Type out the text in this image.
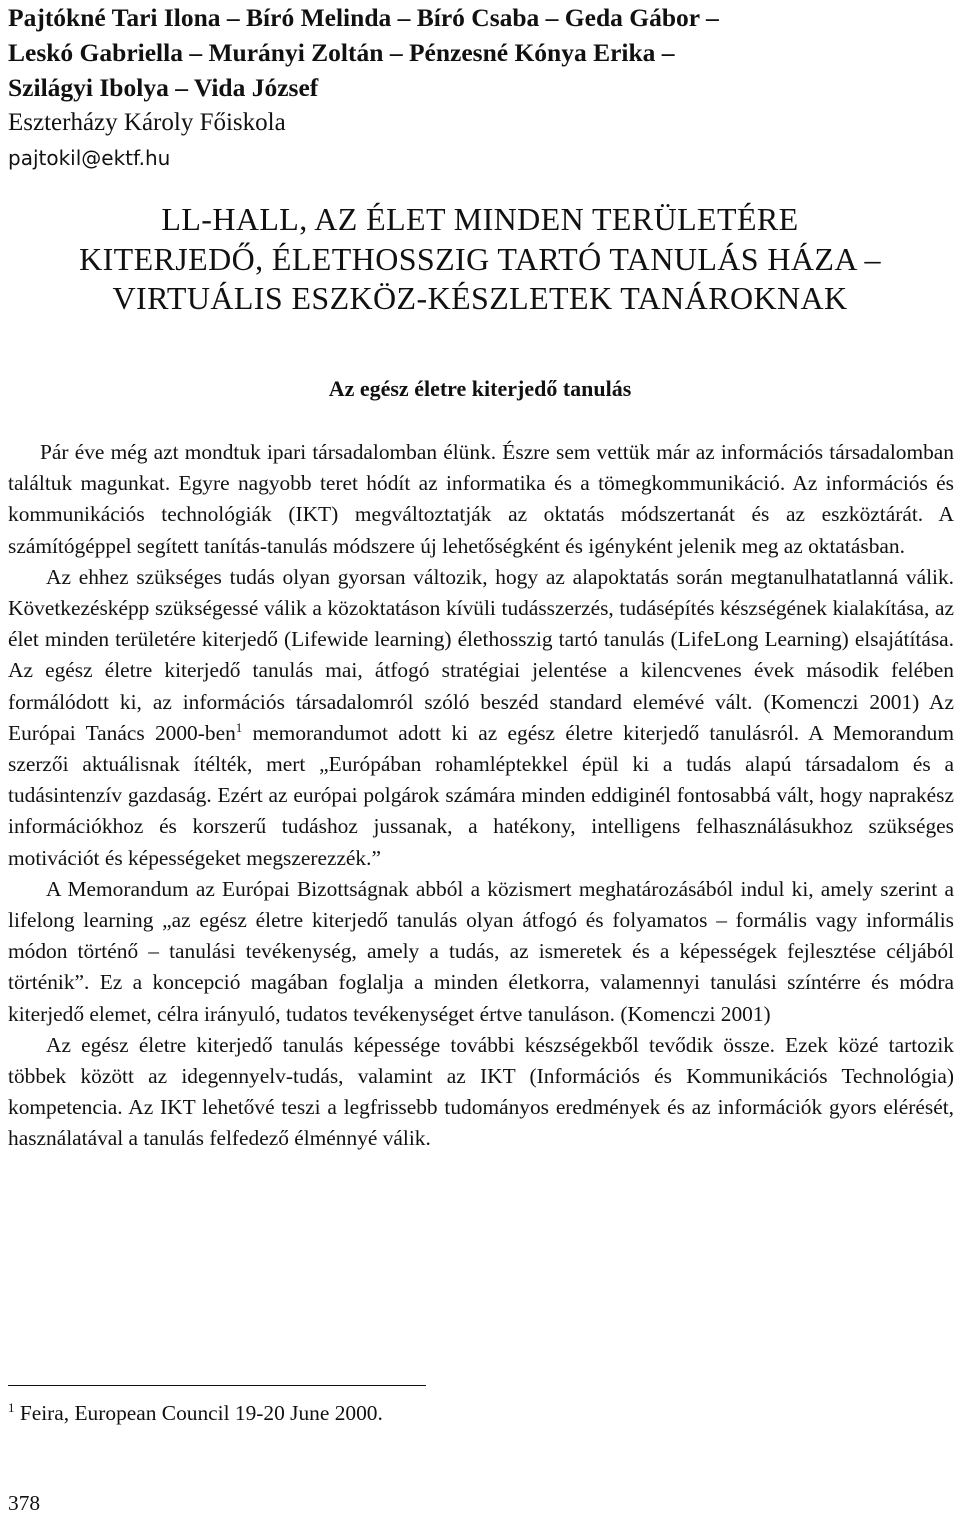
Pajtókné Tari Ilona – Bíró Melinda – Bíró Csaba – Geda Gábor –
Leskó Gabriella – Murányi Zoltán – Pénzesné Kónya Erika –
Szilágyi Ibolya – Vida József

Eszterházy Károly Főiskola

pajtokil@ektf.hu

LL-HALL, AZ ÉLET MINDEN TERÜLETÉRE
KITERJEDŐ, ÉLETHOSSZIG TARTÓ TANULÁS HÁZA –
VIRTUÁLIS ESZKÖZ-KÉSZLETEK TANÁROKNAK
Az egész életre kiterjedő tanulás

Pár éve még azt mondtuk ipari társadalomban élünk. Észre sem vettük már az információs társadalomban találtuk magunkat. Egyre nagyobb teret hódít az informatika és a tömegkommunikáció. Az információs és kommunikációs technológiák (IKT) megváltoztatják az oktatás módszertanát és az eszköztárát. A számítógéppel segített tanítás-tanulás módszere új lehetőségként és igényként jelenik meg az oktatásban.

Az ehhez szükséges tudás olyan gyorsan változik, hogy az alapoktatás során megtanulhatatlanná válik. Következésképp szükségessé válik a közoktatáson kívüli tudásszerzés, tudásépítés készségének kialakítása, az élet minden területére kiterjedő (Lifewide learning) élethosszig tartó tanulás (LifeLong Learning) elsajátítása. Az egész életre kiterjedő tanulás mai, átfogó stratégiai jelentése a kilencvenes évek második felében formálódott ki, az információs társadalomról szóló beszéd standard elemévé vált. (Komenczi 2001) Az Európai Tanács 2000-ben$^1$ memorandumot adott ki az egész életre kiterjedő tanulásról. A Memorandum szerzői aktuálisnak ítélték, mert „Európában rohamléptekkel épül ki a tudás alapú társadalom és a tudásintenzív gazdaság. Ezért az európai polgárok számára minden eddiginél fontosabbá vált, hogy naprakész információkhoz és korszerű tudáshoz jussanak, a hatékony, intelligens felhasználásukhoz szükséges motivációt és képességeket megszerezzék.”

A Memorandum az Európai Bizottságnak abból a közismert meghatározásából indul ki, amely szerint a lifelong learning „az egész életre kiterjedő tanulás olyan átfogó és folyamatos – formális vagy informális módon történő – tanulási tevékenység, amely a tudás, az ismeretek és a képességek fejlesztése céljából történik”. Ez a koncepció magában foglalja a minden életkorra, valamennyi tanulási színtérre és módra kiterjedő elemet, célra irányuló, tudatos tevékenységet értve tanuláson. (Komenczi 2001)

Az egész életre kiterjedő tanulás képessége további készségekből tevődik össze. Ezek közé tartozik többek között az idegennyelv-tudás, valamint az IKT (Információs és Kommunikációs Technológia) kompetencia. Az IKT lehetővé teszi a legfrissebb tudományos eredmények és az információk gyors elérését, használatával a tanulás felfedező élménnyé válik.

$^1$ Feira, European Council 19-20 June 2000.

378
